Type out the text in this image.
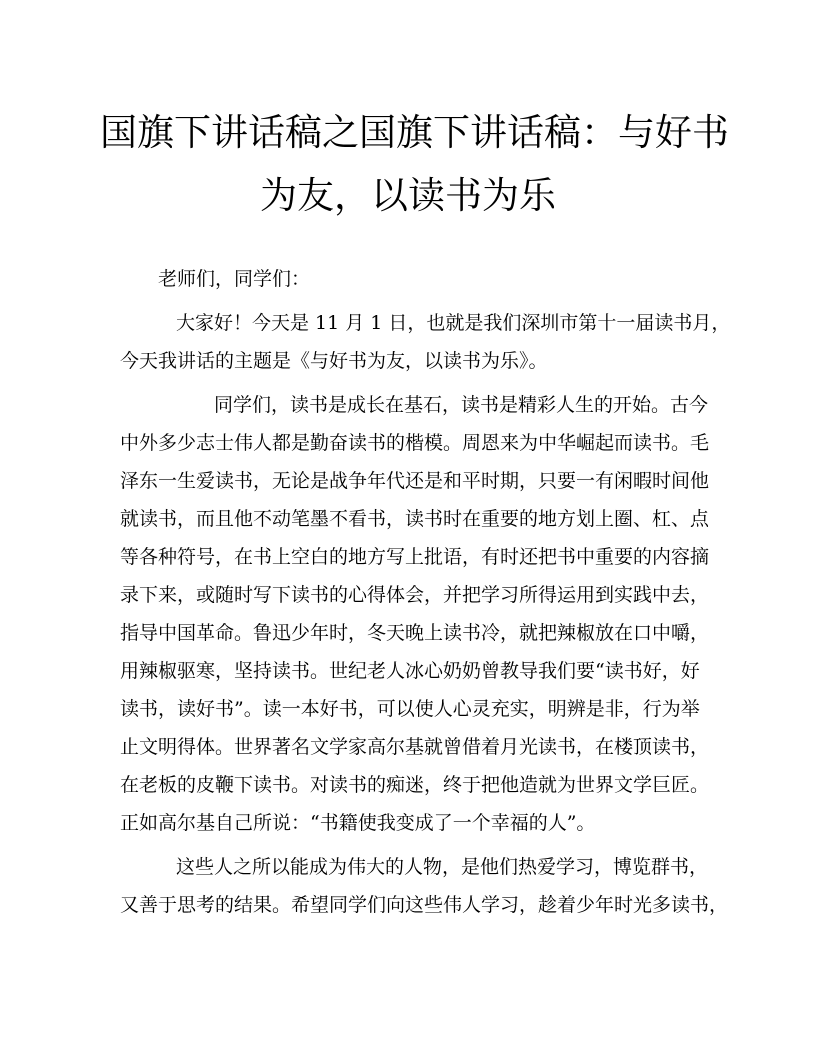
国旗下讲话稿之国旗下讲话稿：与好书
为友，以读书为乐

老师们，同学们：

大家好！今天是 11 月 1 日，也就是我们深圳市第十一届读书月，

今天我讲话的主题是《与好书为友，以读书为乐》。

同学们，读书是成长在基石，读书是精彩人生的开始。古今

中外多少志士伟人都是勤奋读书的楷模。周恩来为中华崛起而读书。毛

泽东一生爱读书，无论是战争年代还是和平时期，只要一有闲暇时间他

就读书，而且他不动笔墨不看书，读书时在重要的地方划上圈、杠、点

等各种符号，在书上空白的地方写上批语，有时还把书中重要的内容摘

录下来，或随时写下读书的心得体会，并把学习所得运用到实践中去，

指导中国革命。鲁迅少年时，冬天晚上读书冷，就把辣椒放在口中嚼，

用辣椒驱寒，坚持读书。世纪老人冰心奶奶曾教导我们要“读书好，好

读书，读好书”。读一本好书，可以使人心灵充实，明辨是非，行为举

止文明得体。世界著名文学家高尔基就曾借着月光读书，在楼顶读书，

在老板的皮鞭下读书。对读书的痴迷，终于把他造就为世界文学巨匠。

正如高尔基自己所说：“书籍使我变成了一个幸福的人”。

这些人之所以能成为伟大的人物，是他们热爱学习，博览群书，

又善于思考的结果。希望同学们向这些伟人学习，趁着少年时光多读书，
